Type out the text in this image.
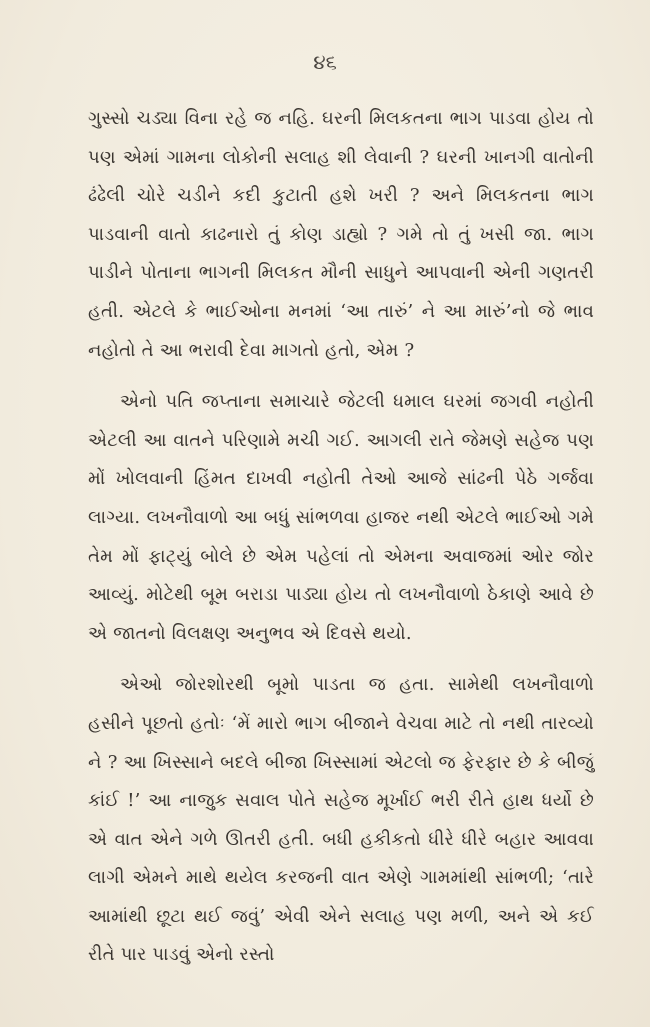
૪૬

ગુસ્સો ચડ્યા વિના રહે જ નહિ. ઘરની મિલકતના ભાગ પાડવા હોય તો પણ એમાં ગામના લોકોની સલાહ શી લેવાની ? ઘરની ખાનગી વાતોની ઢંઢેલી ચોરે ચડીને કદી કુટાતી હશે ખરી ? અને મિલકતના ભાગ પાડવાની વાતો કાઢનારો તું કોણ ડાહ્યો ? ગમે તો તું ખસી જા. ભાગ પાડીને પોતાના ભાગની મિલકત મૌની સાધુને આપવાની એની ગણતરી હતી. એટલે કે ભાઈઓના મનમાં ‘આ તારું’ ને આ મારું’નો જે ભાવ નહોતો તે આ ભરાવી દેવા માગતો હતો, એમ ?

એનો પતિ જપ્તાના સમાચારે જેટલી ધમાલ ઘરમાં જગવી નહોતી એટલી આ વાતને પરિણામે મચી ગઈ. આગલી રાતે જેમણે સહેજ પણ મોં ખોલવાની હિંમત દાખવી નહોતી તેઓ આજે સાંઢની પેઠે ગર્જવા લાગ્યા. લખનૌવાળો આ બધું સાંભળવા હાજર નથી એટલે ભાઈઓ ગમે તેમ મોં ફાટ્યું બોલે છે એમ પહેલાં તો એમના અવાજમાં ઓર જોર આવ્યું. મોટેથી બૂમ બરાડા પાડ્યા હોય તો લખનૌવાળો ઠેકાણે આવે છે એ જાતનો વિલક્ષણ અનુભવ એ દિવસે થયો.

એઓ જોરશોરથી બૂમો પાડતા જ હતા. સામેથી લખનૌવાળો હસીને પૂછતો હતોઃ ‘મેં મારો ભાગ બીજાને વેચવા માટે તો નથી તારવ્યો ને ? આ ખિસ્સાને બદલે બીજા ખિસ્સામાં એટલો જ ફેરફાર છે કે બીજું કાંઈ !’ આ નાજુક સવાલ પોતે સહેજ મૂર્ખાઈ ભરી રીતે હાથ ધર્યો છે એ વાત એને ગળે ઊતરી હતી. બધી હકીકતો ધીરે ધીરે બહાર આવવા લાગી એમને માથે થયેલ કરજની વાત એણે ગામમાંથી સાંભળી; ‘તારે આમાંથી છૂટા થઈ જવું’ એવી એને સલાહ પણ મળી, અને એ કઈ રીતે પાર પાડવું એનો રસ્તો
